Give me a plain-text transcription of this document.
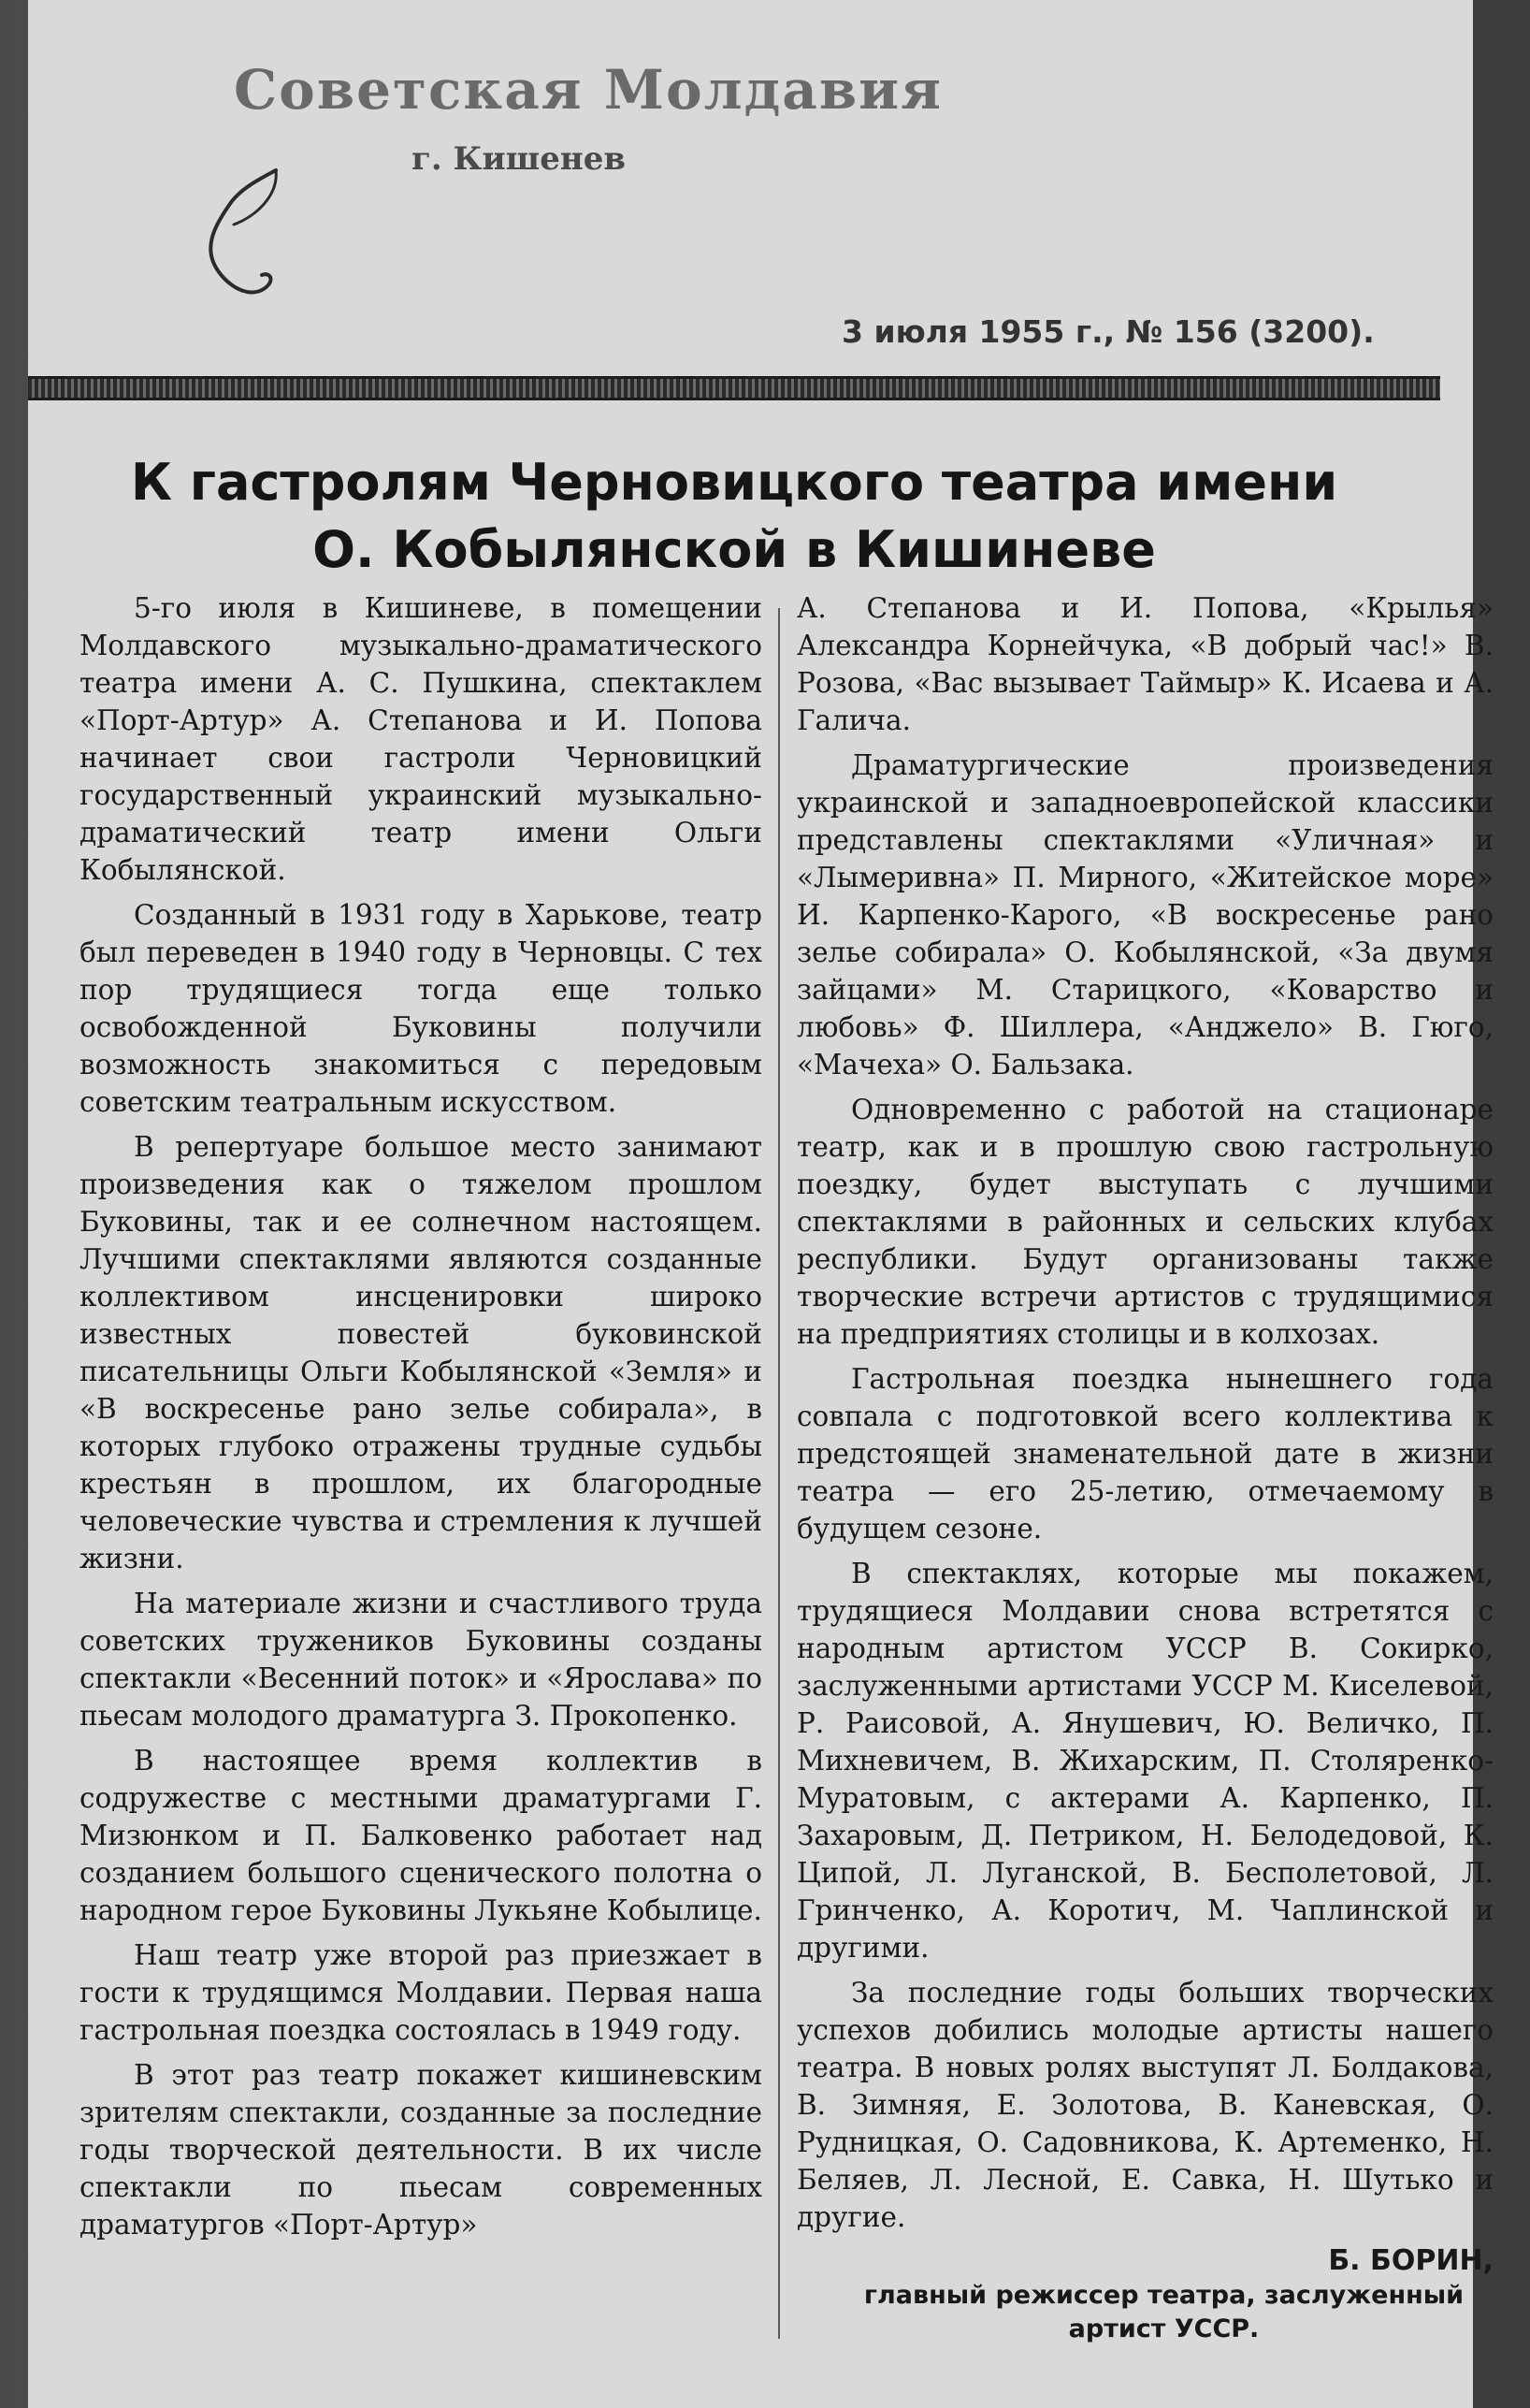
Советская Молдавия
г. Кишенев
3 июля 1955 г., № 156 (3200).
К гастролям Черновицкого театра имени
О. Кобылянской в Кишиневе

5-го июля в Кишиневе, в помещении Молдавского музыкально-драматического театра имени А. С. Пушкина, спектаклем «Порт-Артур» А. Степанова и И. Попова начинает свои гастроли Черновицкий государственный украинский музыкально-драматический театр имени Ольги Кобылянской.

Созданный в 1931 году в Харькове, театр был переведен в 1940 году в Черновцы. С тех пор трудящиеся тогда еще только освобожденной Буковины получили возможность знакомиться с передовым советским театральным искусством.

В репертуаре большое место занимают произведения как о тяжелом прошлом Буковины, так и ее солнечном настоящем. Лучшими спектаклями являются созданные коллективом инсценировки широко известных повестей буковинской писательницы Ольги Кобылянской «Земля» и «В воскресенье рано зелье собирала», в которых глубоко отражены трудные судьбы крестьян в прошлом, их благородные человеческие чувства и стремления к лучшей жизни.

На материале жизни и счастливого труда советских тружеников Буковины созданы спектакли «Весенний поток» и «Ярослава» по пьесам молодого драматурга З. Прокопенко.

В настоящее время коллектив в содружестве с местными драматургами Г. Мизюнком и П. Балковенко работает над созданием большого сценического полотна о народном герое Буковины Лукьяне Кобылице.

Наш театр уже второй раз приезжает в гости к трудящимся Молдавии. Первая наша гастрольная поездка состоялась в 1949 году.

В этот раз театр покажет кишиневским зрителям спектакли, созданные за последние годы творческой деятельности. В их числе спектакли по пьесам современных драматургов «Порт-Артур»

А. Степанова и И. Попова, «Крылья» Александра Корнейчука, «В добрый час!» В. Розова, «Вас вызывает Таймыр» К. Исаева и А. Галича.

Драматургические произведения украинской и западноевропейской классики представлены спектаклями «Уличная» и «Лымеривна» П. Мирного, «Житейское море» И. Карпенко-Карого, «В воскресенье рано зелье собирала» О. Кобылянской, «За двумя зайцами» М. Старицкого, «Коварство и любовь» Ф. Шиллера, «Анджело» В. Гюго, «Мачеха» О. Бальзака.

Одновременно с работой на стационаре театр, как и в прошлую свою гастрольную поездку, будет выступать с лучшими спектаклями в районных и сельских клубах республики. Будут организованы также творческие встречи артистов с трудящимися на предприятиях столицы и в колхозах.

Гастрольная поездка нынешнего года совпала с подготовкой всего коллектива к предстоящей знаменательной дате в жизни театра — его 25-летию, отмечаемому в будущем сезоне.

В спектаклях, которые мы покажем, трудящиеся Молдавии снова встретятся с народным артистом УССР В. Сокирко, заслуженными артистами УССР М. Киселевой, Р. Раисовой, А. Янушевич, Ю. Величко, П. Михневичем, В. Жихарским, П. Столяренко-Муратовым, с актерами А. Карпенко, П. Захаровым, Д. Петриком, Н. Белодедовой, К. Ципой, Л. Луганской, В. Бесполетовой, Л. Гринченко, А. Коротич, М. Чаплинской и другими.

За последние годы больших творческих успехов добились молодые артисты нашего театра. В новых ролях выступят Л. Болдакова, В. Зимняя, Е. Золотова, В. Каневская, О. Рудницкая, О. Садовникова, К. Артеменко, Н. Беляев, Л. Лесной, Е. Савка, Н. Шутько и другие.

Б. БОРИН,
главный режиссер театра, заслуженный артист УССР.
